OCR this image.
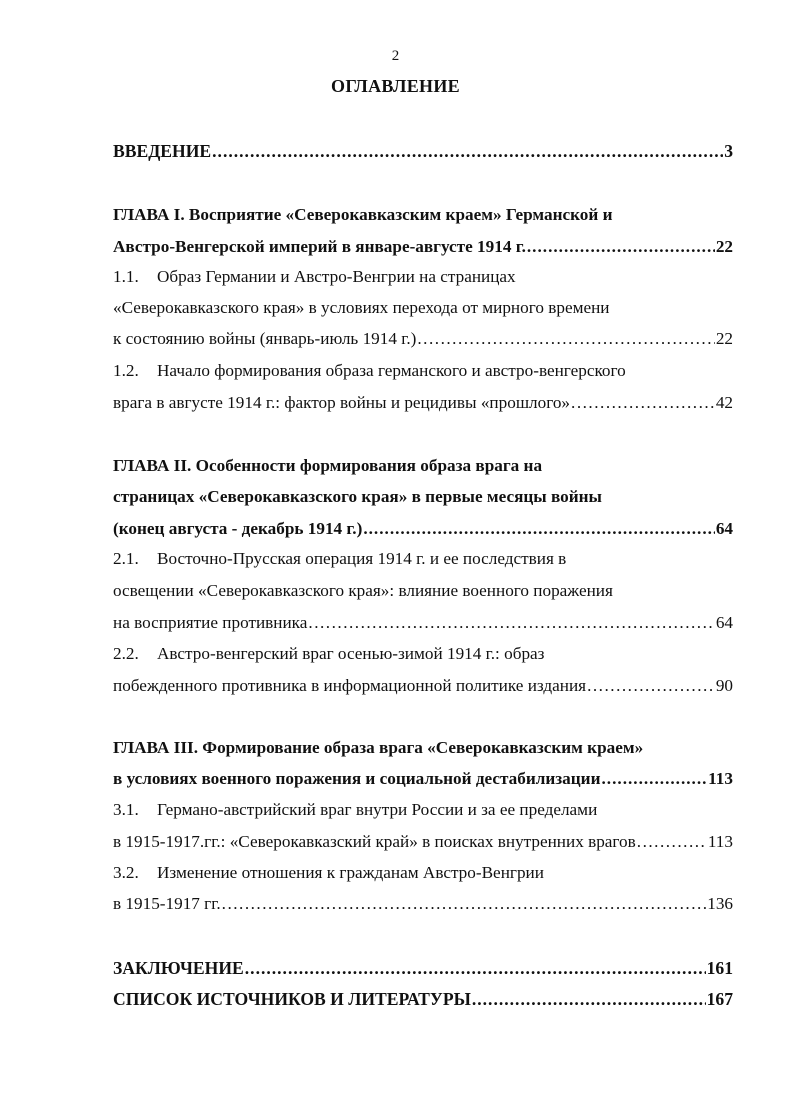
2
ОГЛАВЛЕНИЕ
ВВЕДЕНИЕ .....	3
ГЛАВА I. Восприятие «Северокавказским краем» Германской и
Австро-Венгерской империй в январе-августе 1914 г. .....	22
1.1. Образ Германии и Австро-Венгрии на страницах
«Северокавказского края» в условиях перехода от мирного времени
к состоянию войны (январь-июль 1914 г.) .....	22
1.2. Начало формирования образа германского и австро-венгерского
врага в августе 1914 г.: фактор войны и рецидивы «прошлого» .....	42
ГЛАВА II. Особенности формирования образа врага на
страницах «Северокавказского края» в первые месяцы войны
(конец августа - декабрь 1914 г.) .....	64
2.1. Восточно-Прусская операция 1914 г. и ее последствия в
освещении «Северокавказского края»: влияние военного поражения
на восприятие противника .....	64
2.2. Австро-венгерский враг осенью-зимой 1914 г.: образ
побежденного противника в информационной политике издания .....	90
ГЛАВА III. Формирование образа врага «Северокавказским краем»
в условиях военного поражения и социальной дестабилизации .....	113
3.1. Германо-австрийский враг внутри России и за ее пределами
в 1915-1917.гг.: «Северокавказский край» в поисках внутренних врагов .....	113
3.2. Изменение отношения к гражданам Австро-Венгрии
в 1915-1917 гг. .....	136
ЗАКЛЮЧЕНИЕ .....	161
СПИСОК ИСТОЧНИКОВ И ЛИТЕРАТУРЫ .....	167
